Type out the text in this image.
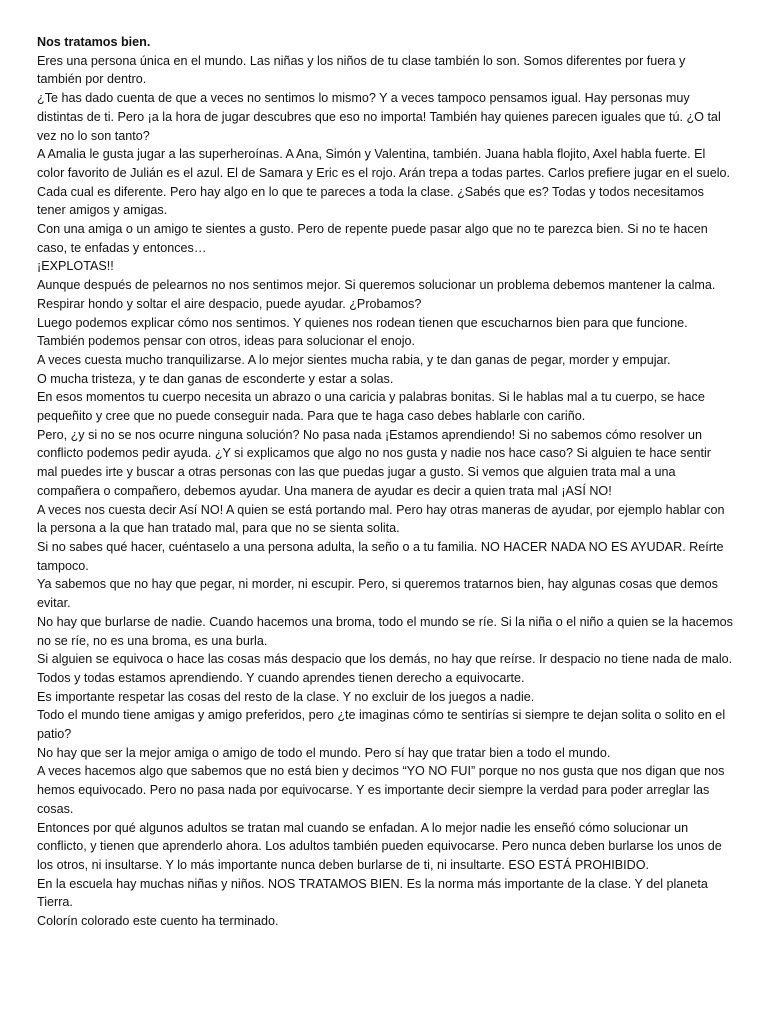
Nos tratamos bien.

Eres una persona única en el mundo. Las niñas y los niños de tu clase también lo son. Somos diferentes por fuera y también por dentro.

¿Te has dado cuenta de que a veces no sentimos lo mismo? Y a veces tampoco pensamos igual. Hay personas muy distintas de ti. Pero ¡a la hora de jugar descubres que eso no importa! También hay quienes parecen iguales que tú. ¿O tal vez no lo son tanto?

A Amalia le gusta jugar a las superheroínas. A Ana, Simón y Valentina, también. Juana habla flojito, Axel habla fuerte. El color favorito de Julián es el azul. El de Samara y Eric es el rojo. Arán trepa a todas partes. Carlos prefiere jugar en el suelo. Cada cual es diferente. Pero hay algo en lo que te pareces a toda la clase. ¿Sabés que es? Todas y todos necesitamos tener amigos y amigas.

Con una amiga o un amigo te sientes a gusto. Pero de repente puede pasar algo que no te parezca bien. Si no te hacen caso, te enfadas y entonces…

¡EXPLOTAS!!

Aunque después de pelearnos no nos sentimos mejor. Si queremos solucionar un problema debemos mantener la calma. Respirar hondo y soltar el aire despacio, puede ayudar. ¿Probamos?

Luego podemos explicar cómo nos sentimos. Y quienes nos rodean tienen que escucharnos bien para que funcione. También podemos pensar con otros, ideas para solucionar el enojo.

A veces cuesta mucho tranquilizarse. A lo mejor sientes mucha rabia, y te dan ganas de pegar, morder y empujar.

O mucha tristeza, y te dan ganas de esconderte y estar a solas.

En esos momentos tu cuerpo necesita un abrazo o una caricia y palabras bonitas. Si le hablas mal a tu cuerpo, se hace pequeñito y cree que no puede conseguir nada. Para que te haga caso debes hablarle con cariño.

Pero, ¿y si no se nos ocurre ninguna solución? No pasa nada ¡Estamos aprendiendo! Si no sabemos cómo resolver un conflicto podemos pedir ayuda. ¿Y si explicamos que algo no nos gusta y nadie nos hace caso? Si alguien te hace sentir mal puedes irte y buscar a otras personas con las que puedas jugar a gusto. Si vemos que alguien trata mal a una compañera o compañero, debemos ayudar. Una manera de ayudar es decir a quien trata mal ¡ASÍ NO!

A veces nos cuesta decir Así NO! A quien se está portando mal. Pero hay otras maneras de ayudar, por ejemplo hablar con la persona a la que han tratado mal, para que no se sienta solita.

Si no sabes qué hacer, cuéntaselo a una persona adulta, la seño o a tu familia. NO HACER NADA NO ES AYUDAR. Reírte tampoco.

Ya sabemos que no hay que pegar, ni morder, ni escupir. Pero, si queremos tratarnos bien, hay algunas cosas que demos evitar.

No hay que burlarse de nadie. Cuando hacemos una broma, todo el mundo se ríe. Si la niña o el niño a quien se la hacemos no se ríe, no es una broma, es una burla.

Si alguien se equivoca o hace las cosas más despacio que los demás, no hay que reírse. Ir despacio no tiene nada de malo. Todos y todas estamos aprendiendo. Y cuando aprendes tienen derecho a equivocarte.

Es importante respetar las cosas del resto de la clase. Y no excluir de los juegos a nadie.

Todo el mundo tiene amigas y amigo preferidos, pero ¿te imaginas cómo te sentirías si siempre te dejan solita o solito en el patio?

No hay que ser la mejor amiga o amigo de todo el mundo. Pero sí hay que tratar bien a todo el mundo.

A veces hacemos algo que sabemos que no está bien y decimos “YO NO FUI” porque no nos gusta que nos digan que nos hemos equivocado. Pero no pasa nada por equivocarse. Y es importante decir siempre la verdad para poder arreglar las cosas.

Entonces por qué algunos adultos se tratan mal cuando se enfadan. A lo mejor nadie les enseñó cómo solucionar un conflicto, y tienen que aprenderlo ahora. Los adultos también pueden equivocarse. Pero nunca deben burlarse los unos de los otros, ni insultarse. Y lo más importante nunca deben burlarse de ti, ni insultarte. ESO ESTÁ PROHIBIDO.

En la escuela hay muchas niñas y niños. NOS TRATAMOS BIEN. Es la norma más importante de la clase. Y del planeta Tierra.

Colorín colorado este cuento ha terminado.
